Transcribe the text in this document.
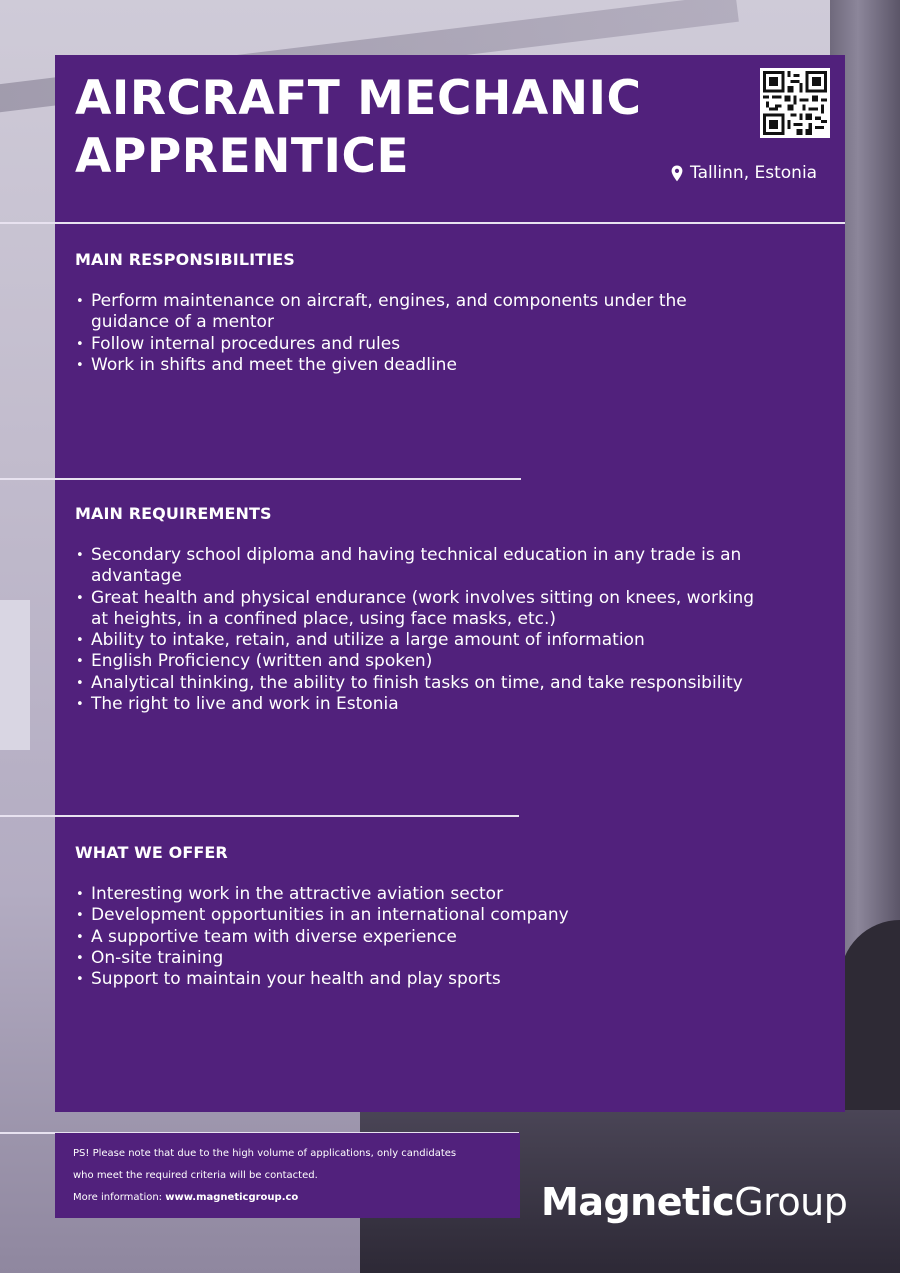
AIRCRAFT MECHANIC
APPRENTICE	Tallinn, Estonia
MAIN RESPONSIBILITIES
• Perform maintenance on aircraft, engines, and components under the guidance of a mentor
• Follow internal procedures and rules
• Work in shifts and meet the given deadline
MAIN REQUIREMENTS
• Secondary school diploma and having technical education in any trade is an advantage
• Great health and physical endurance (work involves sitting on knees, working at heights, in a confined place, using face masks, etc.)
• Ability to intake, retain, and utilize a large amount of information
• English Proficiency (written and spoken)
• Analytical thinking, the ability to finish tasks on time, and take responsibility
• The right to live and work in Estonia
WHAT WE OFFER
• Interesting work in the attractive aviation sector
• Development opportunities in an international company
• A supportive team with diverse experience
• On-site training
• Support to maintain your health and play sports

PS! Please note that due to the high volume of applications, only candidates

who meet the required criteria will be contacted.

More information: www.magneticgroup.co	MagneticGroup
